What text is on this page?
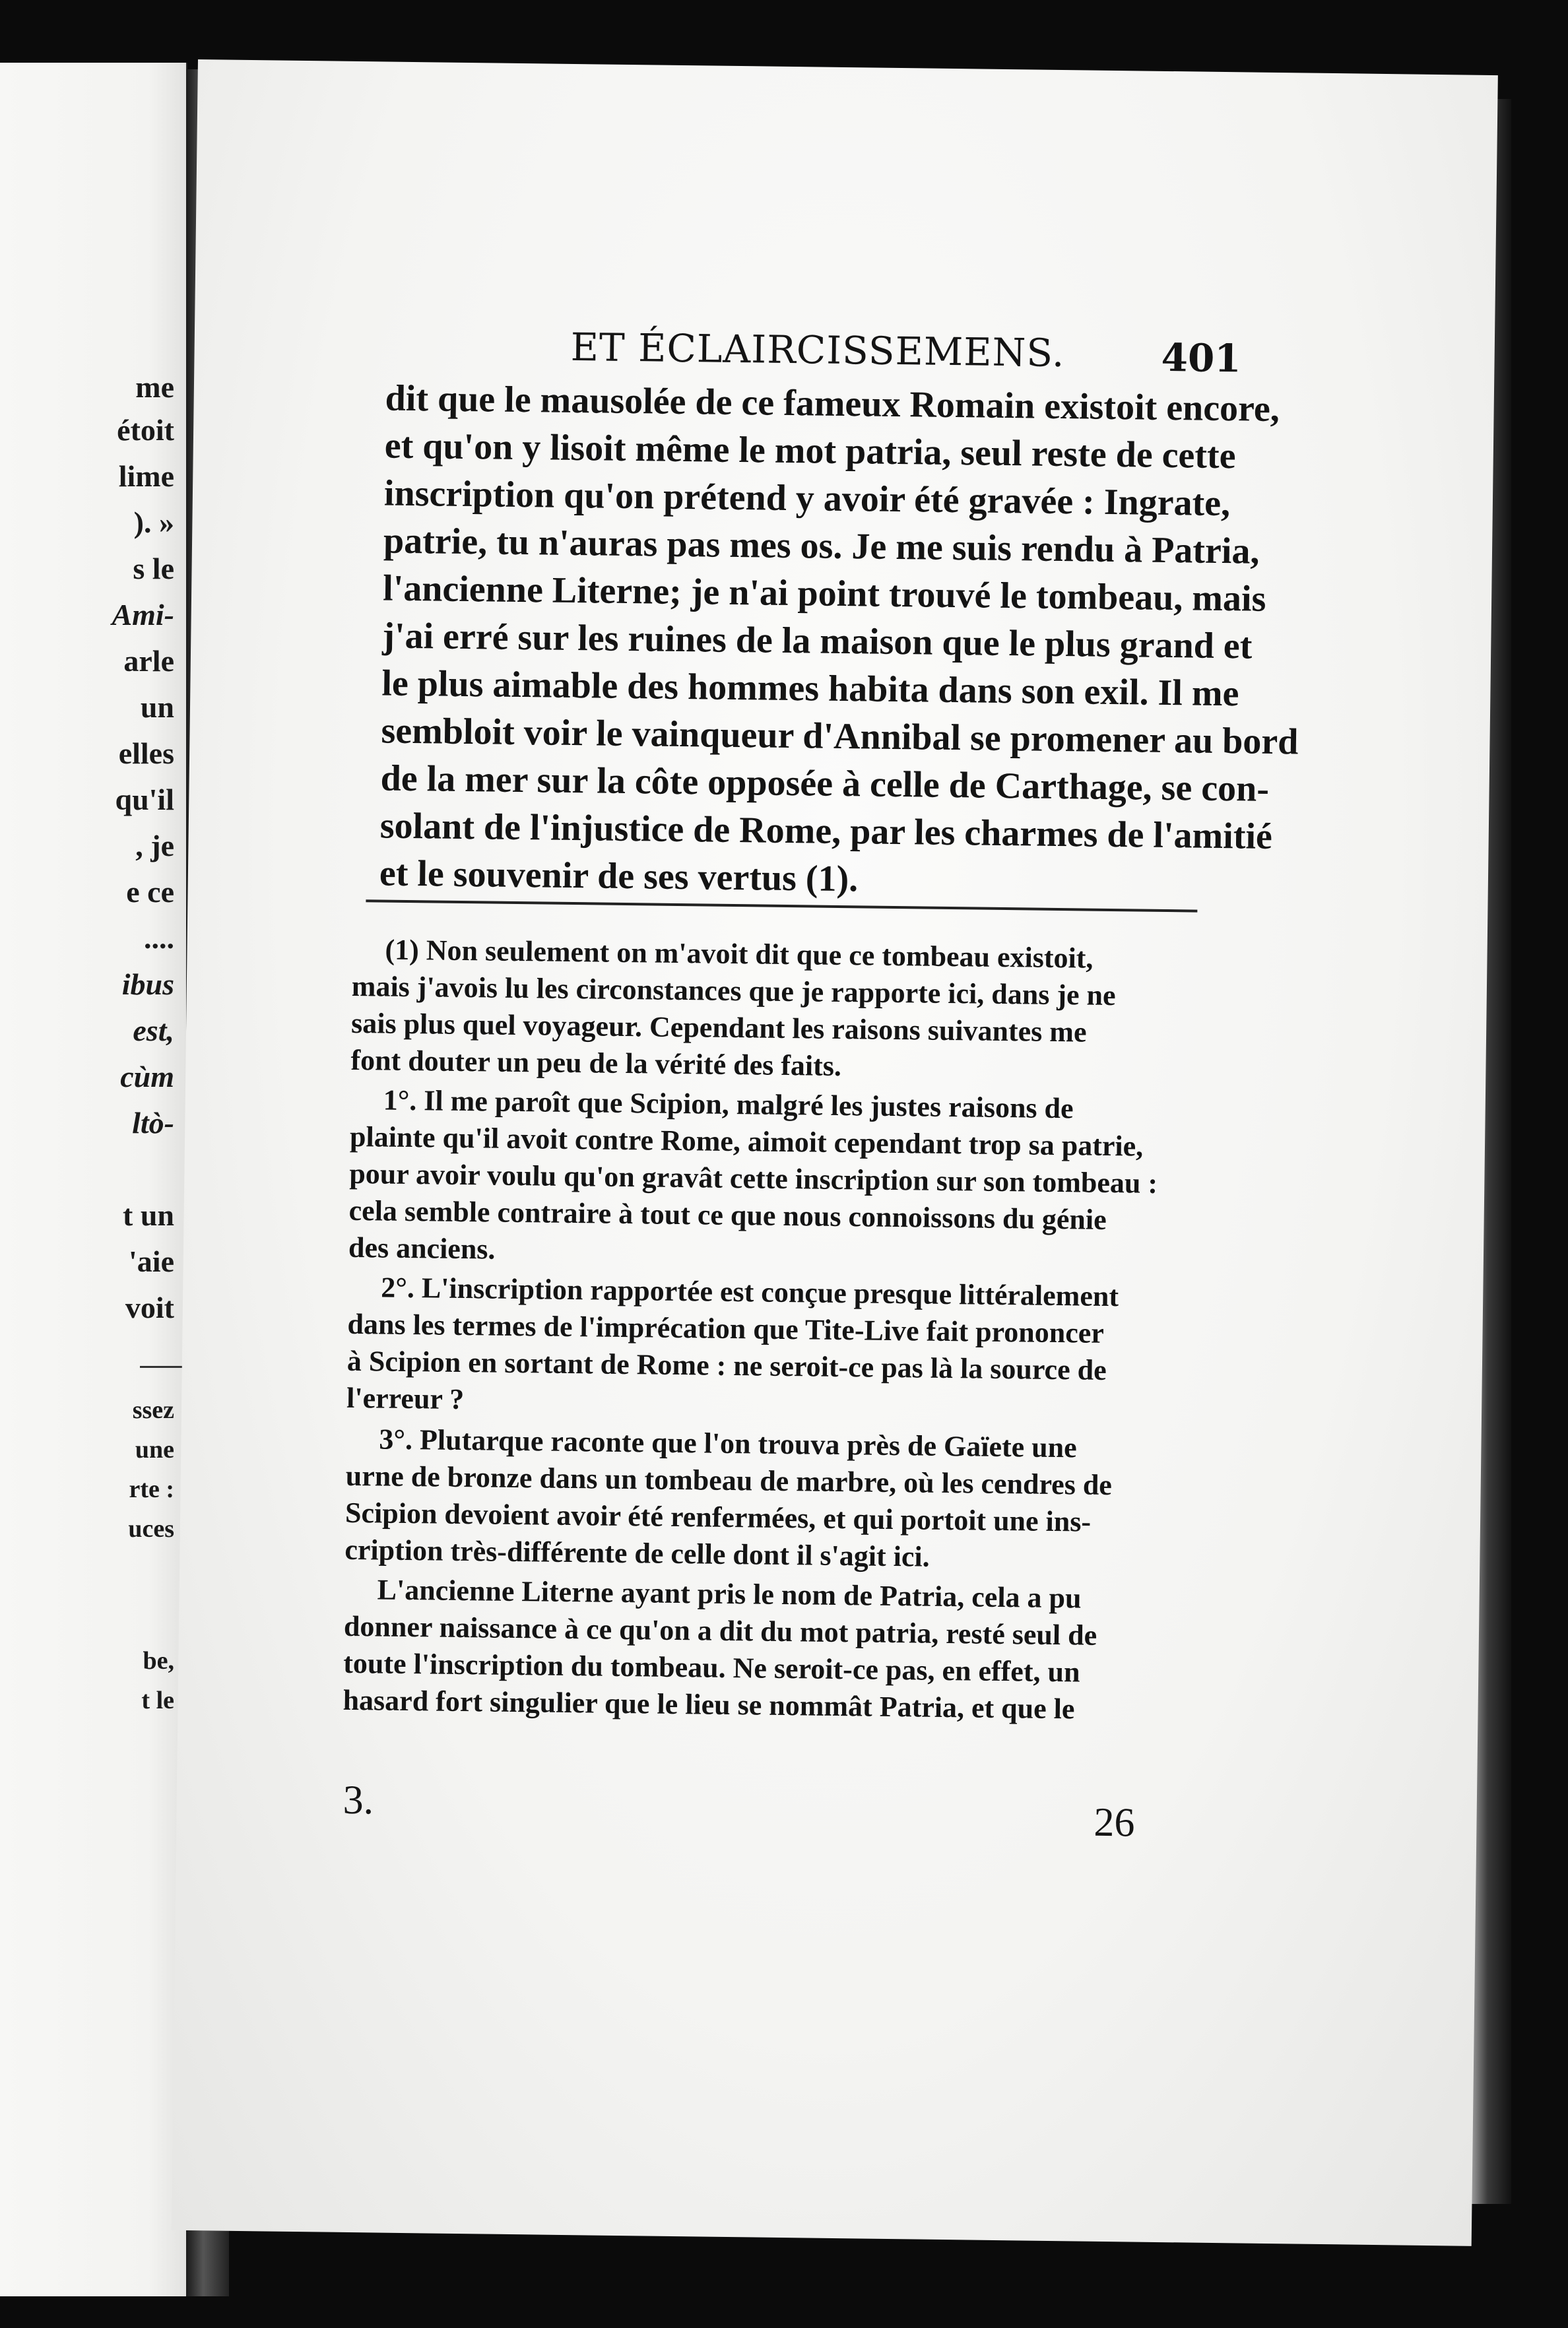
me
étoit
lime
). »
s le
Ami-
arle
un
elles
qu'il
, je
e ce
....
ibus
est,
cùm
ltò-
t un
'aie
voit
ssez
une
rte :
uces
be,
t le
ET ÉCLAIRCISSEMENS.	401
dit que le mausolée de ce fameux Romain existoit encore,
et qu'on y lisoit même le mot patria, seul reste de cette
inscription qu'on prétend y avoir été gravée : Ingrate,
patrie, tu n'auras pas mes os. Je me suis rendu à Patria,
l'ancienne Literne; je n'ai point trouvé le tombeau, mais
j'ai erré sur les ruines de la maison que le plus grand et
le plus aimable des hommes habita dans son exil. Il me
sembloit voir le vainqueur d'Annibal se promener au bord
de la mer sur la côte opposée à celle de Carthage, se con-
solant de l'injustice de Rome, par les charmes de l'amitié
et le souvenir de ses vertus (1).
(1) Non seulement on m'avoit dit que ce tombeau existoit,
mais j'avois lu les circonstances que je rapporte ici, dans je ne
sais plus quel voyageur. Cependant les raisons suivantes me
font douter un peu de la vérité des faits.
1°. Il me paroît que Scipion, malgré les justes raisons de
plainte qu'il avoit contre Rome, aimoit cependant trop sa patrie,
pour avoir voulu qu'on gravât cette inscription sur son tombeau :
cela semble contraire à tout ce que nous connoissons du génie
des anciens.
2°. L'inscription rapportée est conçue presque littéralement
dans les termes de l'imprécation que Tite-Live fait prononcer
à Scipion en sortant de Rome : ne seroit-ce pas là la source de
l'erreur ?
3°. Plutarque raconte que l'on trouva près de Gaïete une
urne de bronze dans un tombeau de marbre, où les cendres de
Scipion devoient avoir été renfermées, et qui portoit une ins-
cription très-différente de celle dont il s'agit ici.
L'ancienne Literne ayant pris le nom de Patria, cela a pu
donner naissance à ce qu'on a dit du mot patria, resté seul de
toute l'inscription du tombeau. Ne seroit-ce pas, en effet, un
hasard fort singulier que le lieu se nommât Patria, et que le
3.	26
